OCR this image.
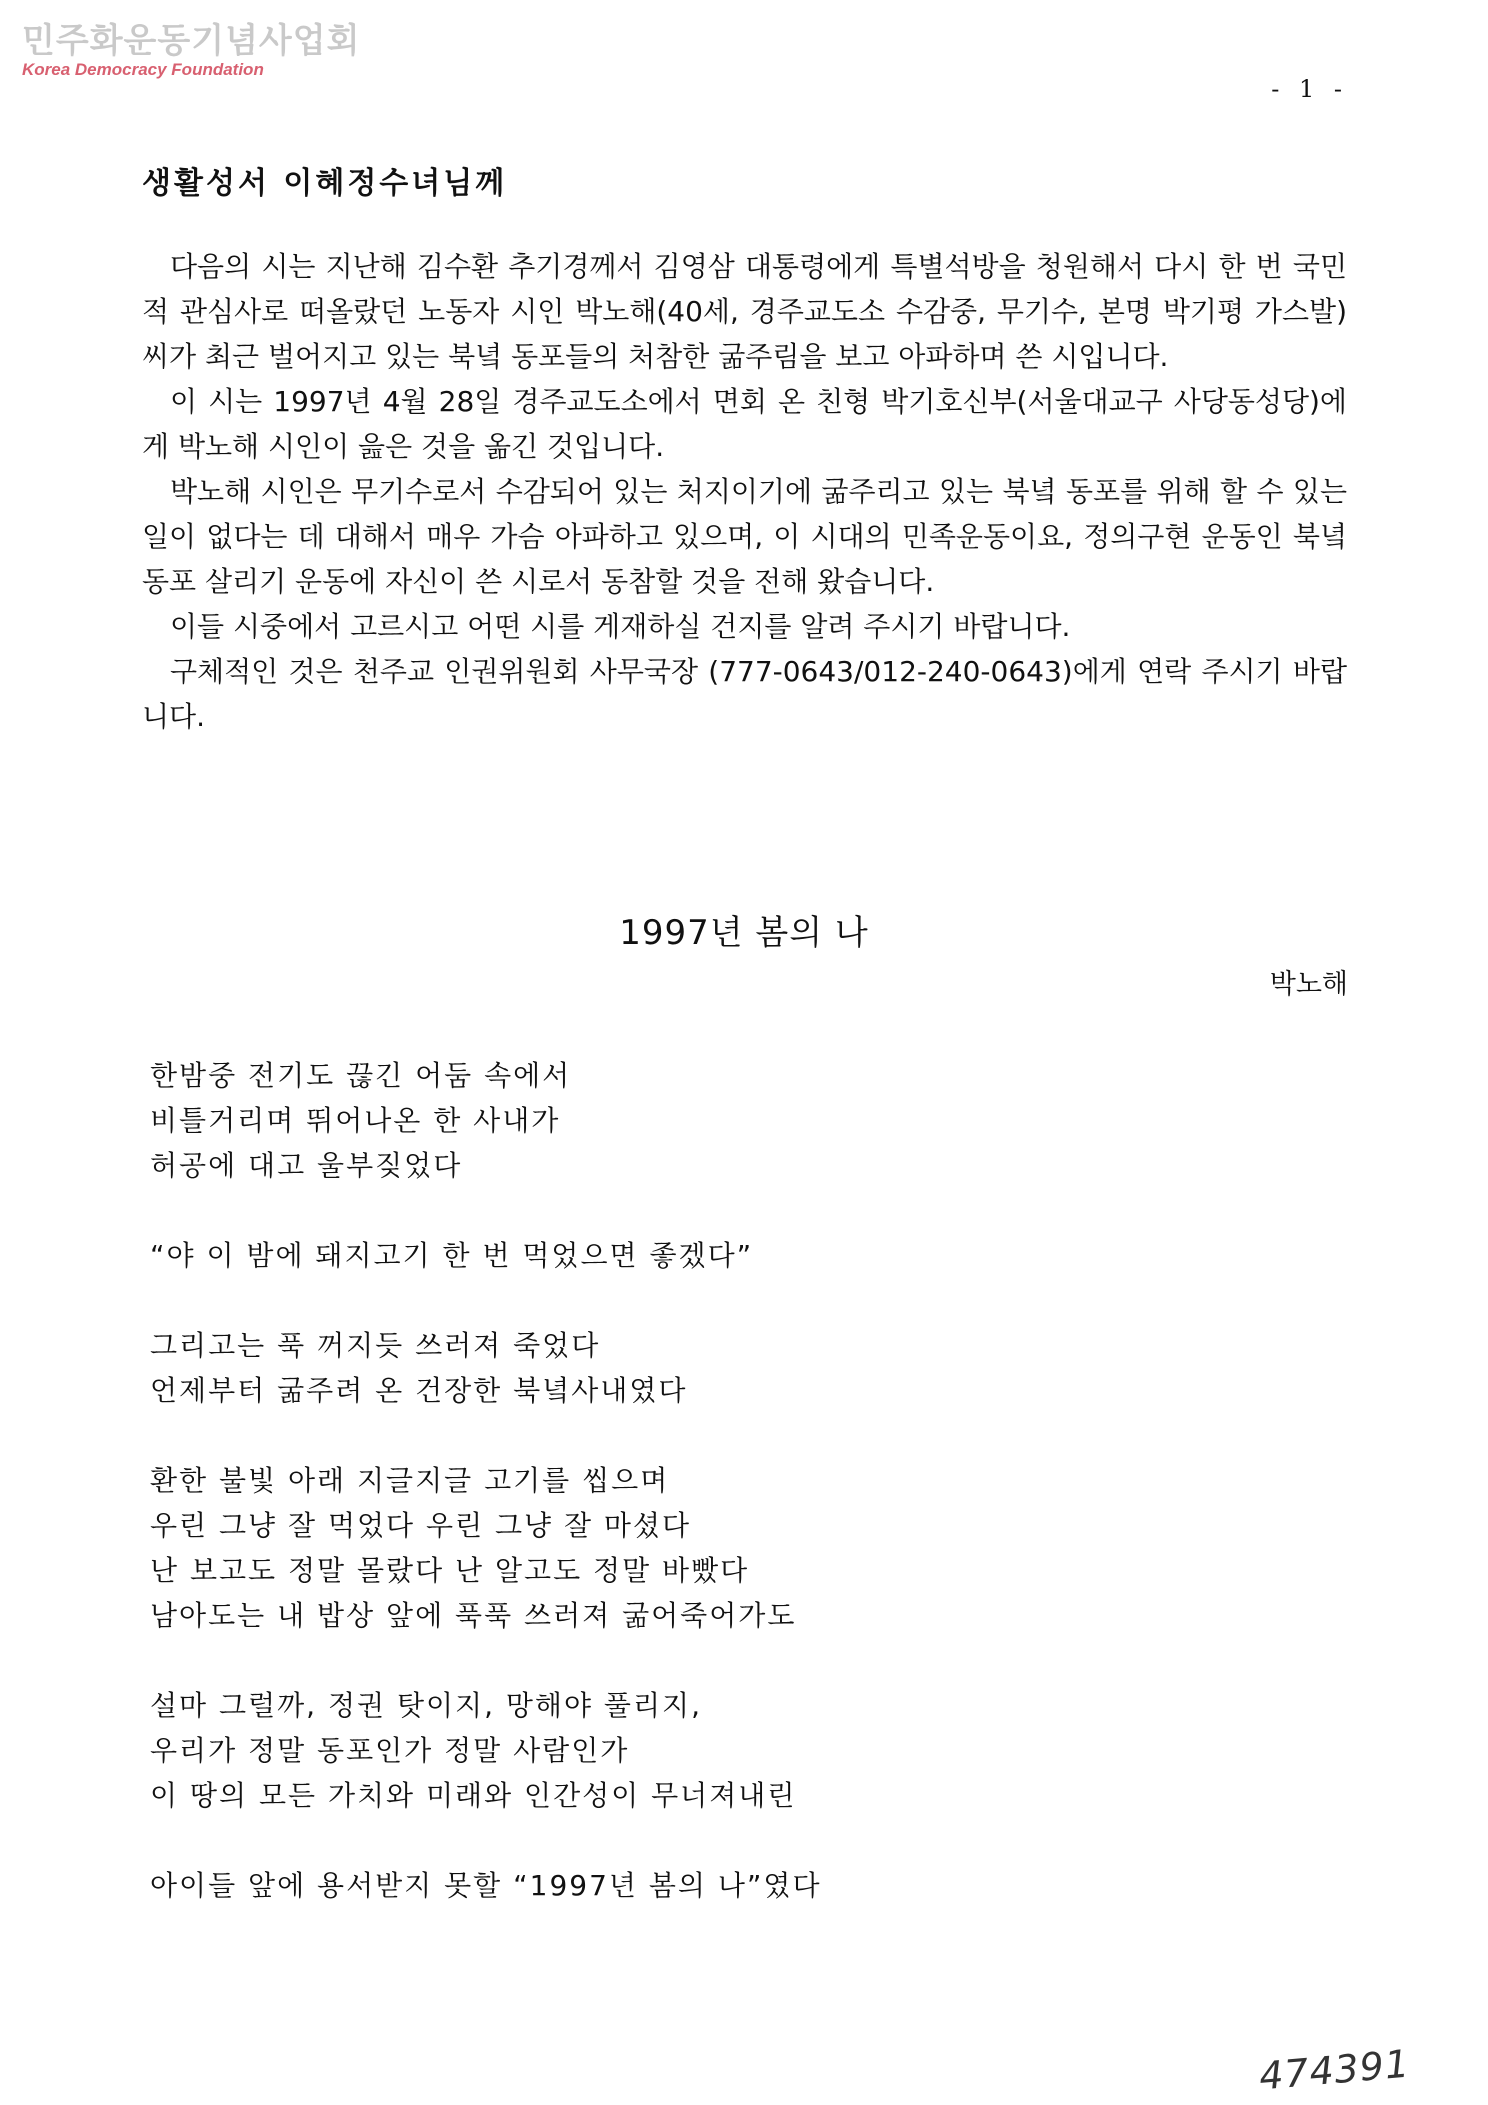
민주화운동기념사업회
Korea Democracy Foundation
- 1 -
생활성서 이혜정수녀님께

다음의 시는 지난해 김수환 추기경께서 김영삼 대통령에게 특별석방을 청원해서 다시 한 번 국민적 관심사로 떠올랐던 노동자 시인 박노해(40세, 경주교도소 수감중, 무기수, 본명 박기평 가스발)씨가 최근 벌어지고 있는 북녘 동포들의 처참한 굶주림을 보고 아파하며 쓴 시입니다.

이 시는 1997년 4월 28일 경주교도소에서 면회 온 친형 박기호신부(서울대교구 사당동성당)에게 박노해 시인이 읊은 것을 옮긴 것입니다.

박노해 시인은 무기수로서 수감되어 있는 처지이기에 굶주리고 있는 북녘 동포를 위해 할 수 있는 일이 없다는 데 대해서 매우 가슴 아파하고 있으며, 이 시대의 민족운동이요, 정의구현 운동인 북녘 동포 살리기 운동에 자신이 쓴 시로서 동참할 것을 전해 왔습니다.

이들 시중에서 고르시고 어떤 시를 게재하실 건지를 알려 주시기 바랍니다.

구체적인 것은 천주교 인권위원회 사무국장 (777-0643/012-240-0643)에게 연락 주시기 바랍니다.

1997년 봄의 나
박노해
한밤중 전기도 끊긴 어둠 속에서
비틀거리며 뛰어나온 한 사내가
허공에 대고 울부짖었다
“야 이 밤에 돼지고기 한 번 먹었으면 좋겠다”
그리고는 푹 꺼지듯 쓰러져 죽었다
언제부터 굶주려 온 건장한 북녘사내였다
환한 불빛 아래 지글지글 고기를 씹으며
우린 그냥 잘 먹었다 우린 그냥 잘 마셨다
난 보고도 정말 몰랐다 난 알고도 정말 바빴다
남아도는 내 밥상 앞에 푹푹 쓰러져 굶어죽어가도
설마 그럴까, 정권 탓이지, 망해야 풀리지,
우리가 정말 동포인가 정말 사람인가
이 땅의 모든 가치와 미래와 인간성이 무너져내린
아이들 앞에 용서받지 못할 “1997년 봄의 나”였다
474391
